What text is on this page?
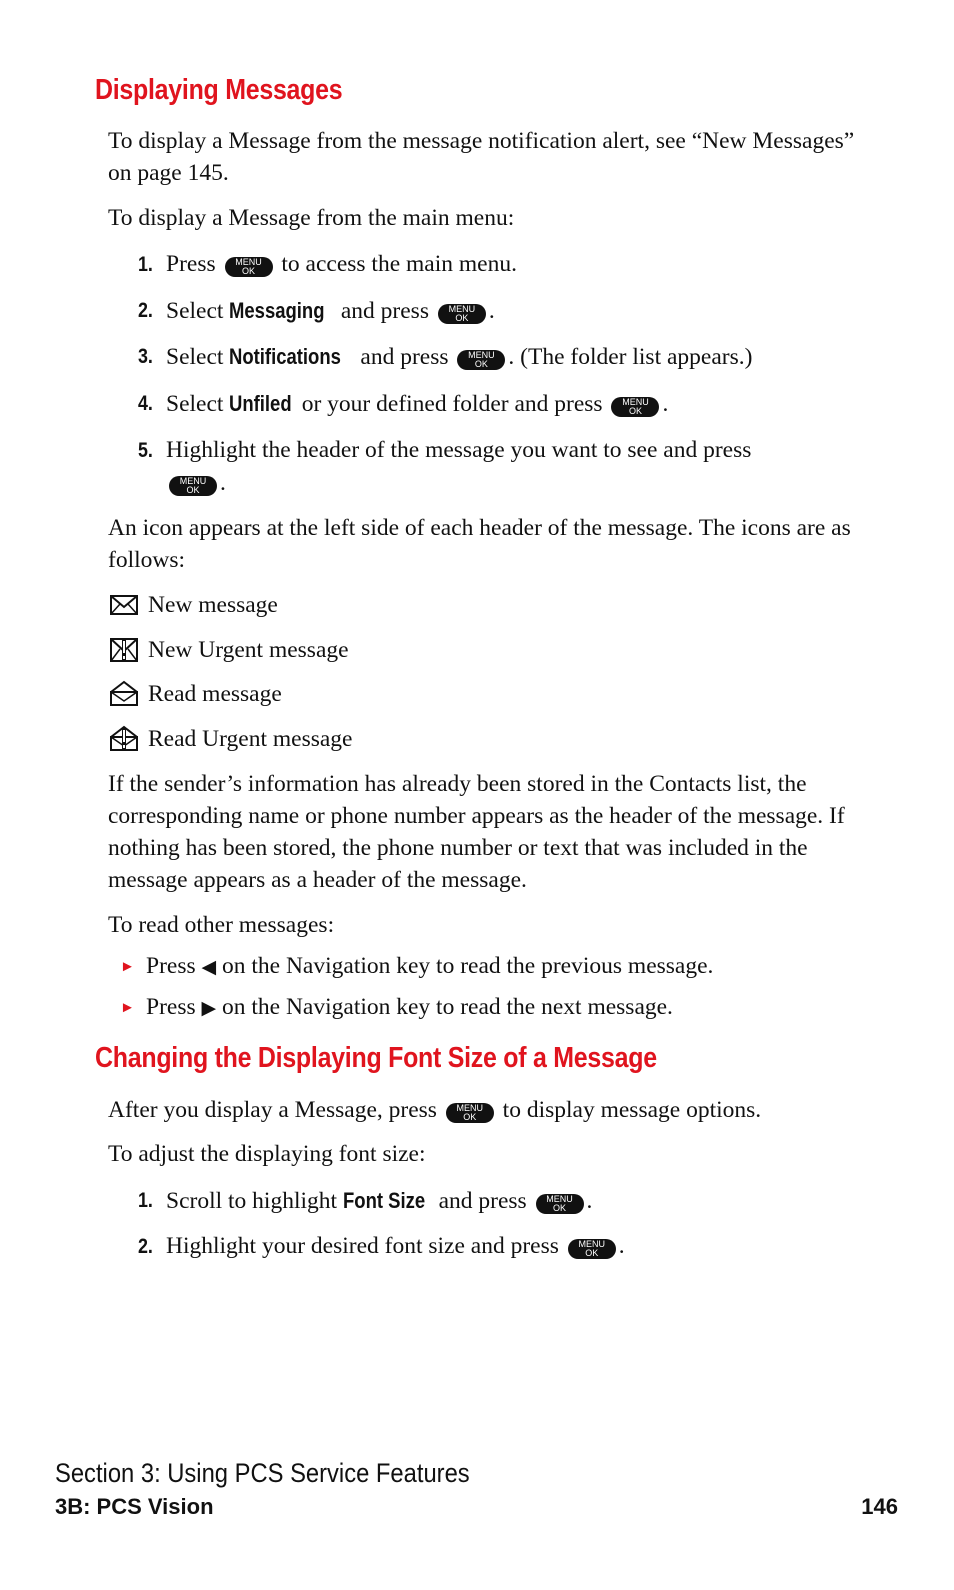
Displaying Messages

To display a Message from the message notification alert, see “New Messages” on page 145.

To display a Message from the main menu:

1. Press	MENU
OK	to access the main menu.
2. Select Messaging and press	MENU
OK .
3. Select Notifications and press	MENU
OK . (The folder list appears.)
4. Select Unfiled or your defined folder and press	MENU
OK .
5. Highlight the header of the message you want to see and press
MENU
OK .

An icon appears at the left side of each header of the message. The icons are as follows:

New message
New Urgent message
Read message
Read Urgent message

If the sender’s information has already been stored in the Contacts list, the corresponding name or phone number appears as the header of the message. If nothing has been stored, the phone number or text that was included in the message appears as a header of the message.

To read other messages:

► Press ◀ on the Navigation key to read the previous message.
► Press ▶ on the Navigation key to read the next message.
Changing the Displaying Font Size of a Message
After you display a Message, press	MENU
OK	to display message options.

To adjust the displaying font size:

1. Scroll to highlight Font Size and press	MENU
OK .
2. Highlight your desired font size and press	MENU
OK .

Section 3: Using PCS Service Features

3B: PCS Vision	146
